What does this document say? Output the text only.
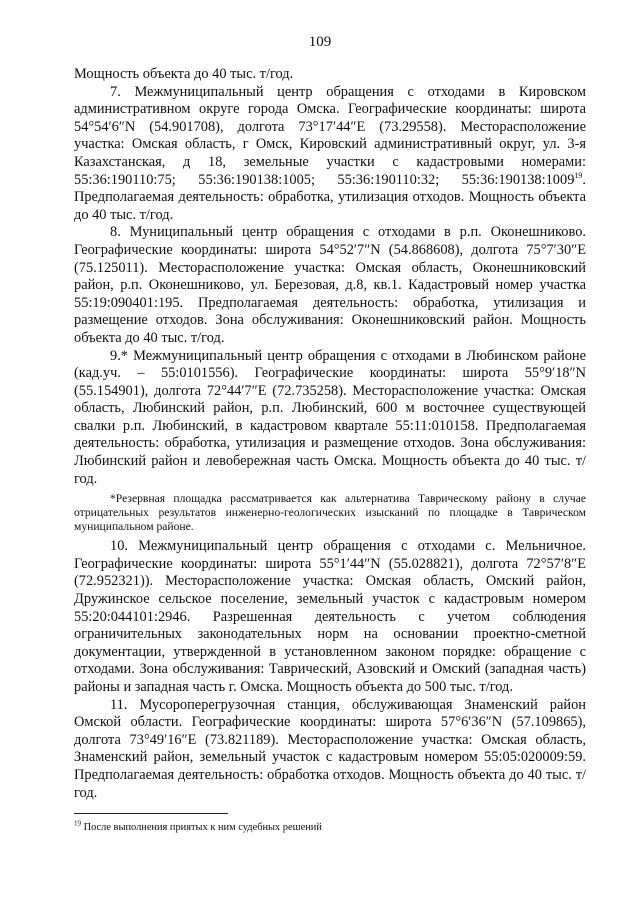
109

Мощность объекта до 40 тыс. т/год.

7. Межмуниципальный центр обращения с отходами в Кировском административном округе города Омска. Географические координаты: широта 54°54′6″N (54.901708), долгота 73°17′44″E (73.29558). Месторасположение участка: Омская область, г Омск, Кировский административный округ, ул. 3-я Казахстанская, д 18, земельные участки с кадастровыми номерами: 55:36:190110:75; 55:36:190138:1005; 55:36:190110:32; 55:36:190138:1009$^{19}$. Предполагаемая деятельность: обработка, утилизация отходов. Мощность объекта до 40 тыс. т/год.

8. Муниципальный центр обращения с отходами в р.п. Оконешниково. Географические координаты: широта 54°52′7″N (54.868608), долгота 75°7′30″E (75.125011). Месторасположение участка: Омская область, Оконешниковский район, р.п. Оконешниково, ул. Березовая, д.8, кв.1. Кадастровый номер участка 55:19:090401:195. Предполагаемая деятельность: обработка, утилизация и размещение отходов. Зона обслуживания: Оконешниковский район. Мощность объекта до 40 тыс. т/год.

9.* Межмуниципальный центр обращения с отходами в Любинском районе (кад.уч. – 55:0101556). Географические координаты: широта 55°9′18″N (55.154901), долгота 72°44′7″E (72.735258). Месторасположение участка: Омская область, Любинский район, р.п. Любинский, 600 м восточнее существующей свалки р.п. Любинский, в кадастровом квартале 55:11:010158. Предполагаемая деятельность: обработка, утилизация и размещение отходов. Зона обслуживания: Любинский район и левобережная часть Омска. Мощность объекта до 40 тыс. т/год.

*Резервная площадка рассматривается как альтернатива Таврическому району в случае отрицательных результатов инженерно-геологических изысканий по площадке в Таврическом муниципальном районе.

10. Межмуниципальный центр обращения с отходами с. Мельничное. Географические координаты: широта 55°1′44″N (55.028821), долгота 72°57′8″E (72.952321)). Месторасположение участка: Омская область, Омский район, Дружинское сельское поселение, земельный участок с кадастровым номером 55:20:044101:2946. Разрешенная деятельность с учетом соблюдения ограничительных законодательных норм на основании проектно-сметной документации, утвержденной в установленном законом порядке: обращение с отходами. Зона обслуживания: Таврический, Азовский и Омский (западная часть) районы и западная часть г. Омска. Мощность объекта до 500 тыс. т/год.

11. Мусороперегрузочная станция, обслуживающая Знаменский район Омской области. Географические координаты: широта 57°6′36″N (57.109865), долгота 73°49′16″E (73.821189). Месторасположение участка: Омская область, Знаменский район, земельный участок с кадастровым номером 55:05:020009:59. Предполагаемая деятельность: обработка отходов. Мощность объекта до 40 тыс. т/год.

$^{19}$ После выполнения приятых к ним судебных решений
